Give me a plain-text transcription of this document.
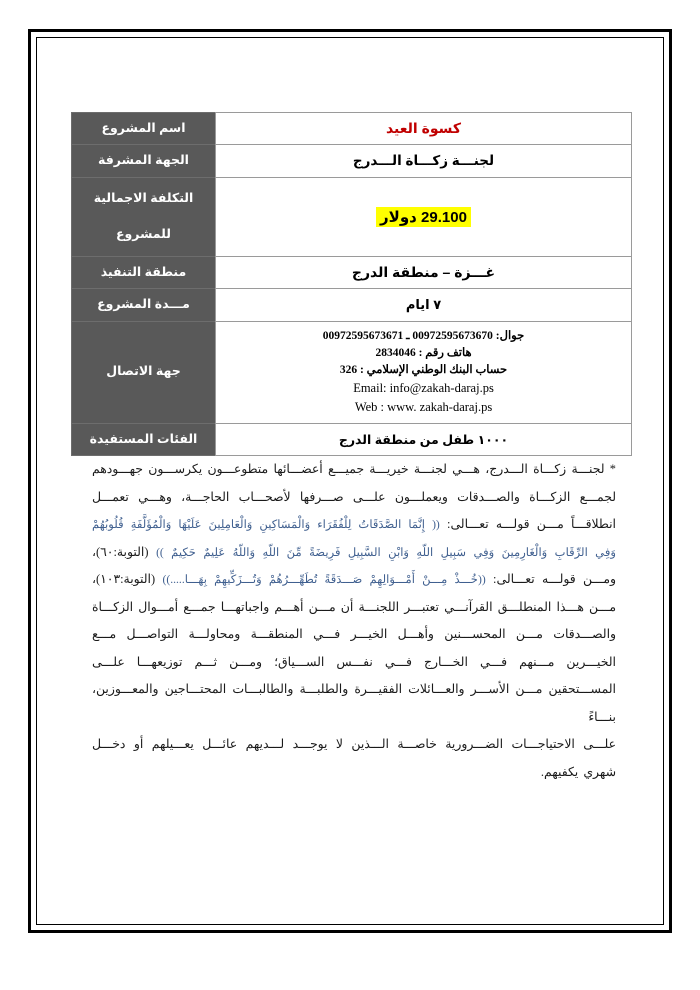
كسوة العيد	اسم المشروع
لجنـــة زكـــاة الـــدرج	الجهة المشرفة
29.100 دولار	التكلفة الاجمالية
للمشروع

غـــزة – منطقة الدرج	منطقة التنفيذ
٧ ايام	مـــدة المشروع

جوال: 00972595673670 ـ 00972595673671
هاتف رقم : 2834046
حساب البنك الوطني الإسلامي : 326
Email: info@zakah-daraj.ps
Web : www. zakah-daraj.ps	جهة الاتصال
١٠٠٠ طفل من منطقة الدرج	الفئات المستفيدة

* لجنـــة زكـــاة الـــدرج، هـــي لجنـــة خيريـــة جميـــع أعضـــائها متطوعـــون يكرســـون جهـــودهم لجمـــع الزكـــاة والصـــدقات ويعملـــون علـــى صـــرفها لأصحـــاب الحاجـــة، وهـــي تعمـــل انطلاقـــاً مـــن قولـــه تعـــالى: (( إِنَّمَا الصَّدَقَاتُ لِلْفُقَرَاء وَالْمَسَاكِينِ وَالْعَامِلِينَ عَلَيْهَا وَالْمُؤَلَّفَةِ قُلُوبُهُمْ وَفِي الرِّقَابِ وَالْغَارِمِينَ وَفِي سَبِيلِ اللّهِ وَابْنِ السَّبِيلِ فَرِيضَةً مِّنَ اللّهِ وَاللّهُ عَلِيمٌ حَكِيمٌ )) (التوبة:٦٠)، ومـــن قولـــه تعـــالى: ((خُـــذْ مِـــنْ أَمْـــوَالِهِمْ صَـــدَقَةً تُطَهِّـــرُهُمْ وَتُـــزَكِّيهِمْ بِهَـــا.....)) (التوبة:١٠٣)، مـــن هـــذا المنطلـــق القرآنـــي تعتبـــر اللجنـــة أن مـــن أهـــم واجباتهـــا جمـــع أمـــوال الزكـــاة والصـــدقات مـــن المحســـنين وأهـــل الخيـــر فـــي المنطقـــة ومحاولـــة التواصـــل مـــع الخيـــرين مـــنهم فـــي الخـــارج فـــي نفـــس الســـياق؛ ومـــن ثـــم توزيعهـــا علـــى المســـتحقين مـــن الأســـر والعـــائلات الفقيـــرة والطلبـــة والطالبـــات المحتـــاجين والمعـــوزين، بنـــاءً

علـــى الاحتياجـــات الضـــرورية خاصـــة الـــذين لا يوجـــد لـــديهم عائـــل يعـــيلهم أو دخـــل شهري يكفيهم.
